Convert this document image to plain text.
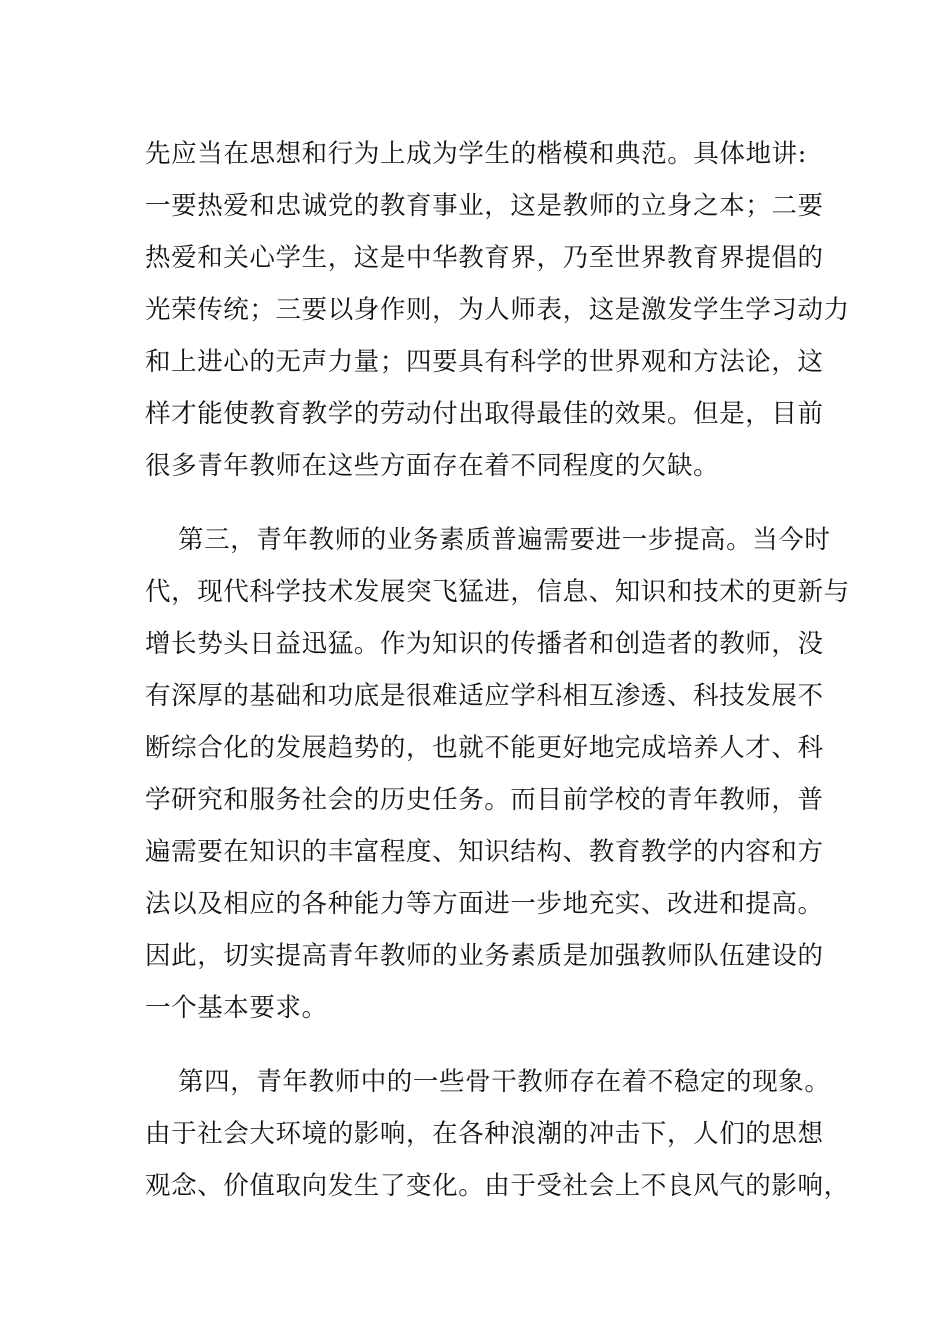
先应当在思想和行为上成为学生的楷模和典范。具体地讲:
一要热爱和忠诚党的教育事业，这是教师的立身之本；二要
热爱和关心学生，这是中华教育界，乃至世界教育界提倡的
光荣传统；三要以身作则，为人师表，这是激发学生学习动力
和上进心的无声力量；四要具有科学的世界观和方法论，这
样才能使教育教学的劳动付出取得最佳的效果。但是，目前
很多青年教师在这些方面存在着不同程度的欠缺。

第三，青年教师的业务素质普遍需要进一步提高。当今时
代，现代科学技术发展突飞猛进，信息、知识和技术的更新与
增长势头日益迅猛。作为知识的传播者和创造者的教师，没
有深厚的基础和功底是很难适应学科相互渗透、科技发展不
断综合化的发展趋势的，也就不能更好地完成培养人才、科
学研究和服务社会的历史任务。而目前学校的青年教师，普
遍需要在知识的丰富程度、知识结构、教育教学的内容和方
法以及相应的各种能力等方面进一步地充实、改进和提高。
因此，切实提高青年教师的业务素质是加强教师队伍建设的
一个基本要求。

第四，青年教师中的一些骨干教师存在着不稳定的现象。
由于社会大环境的影响，在各种浪潮的冲击下，人们的思想
观念、价值取向发生了变化。由于受社会上不良风气的影响，
